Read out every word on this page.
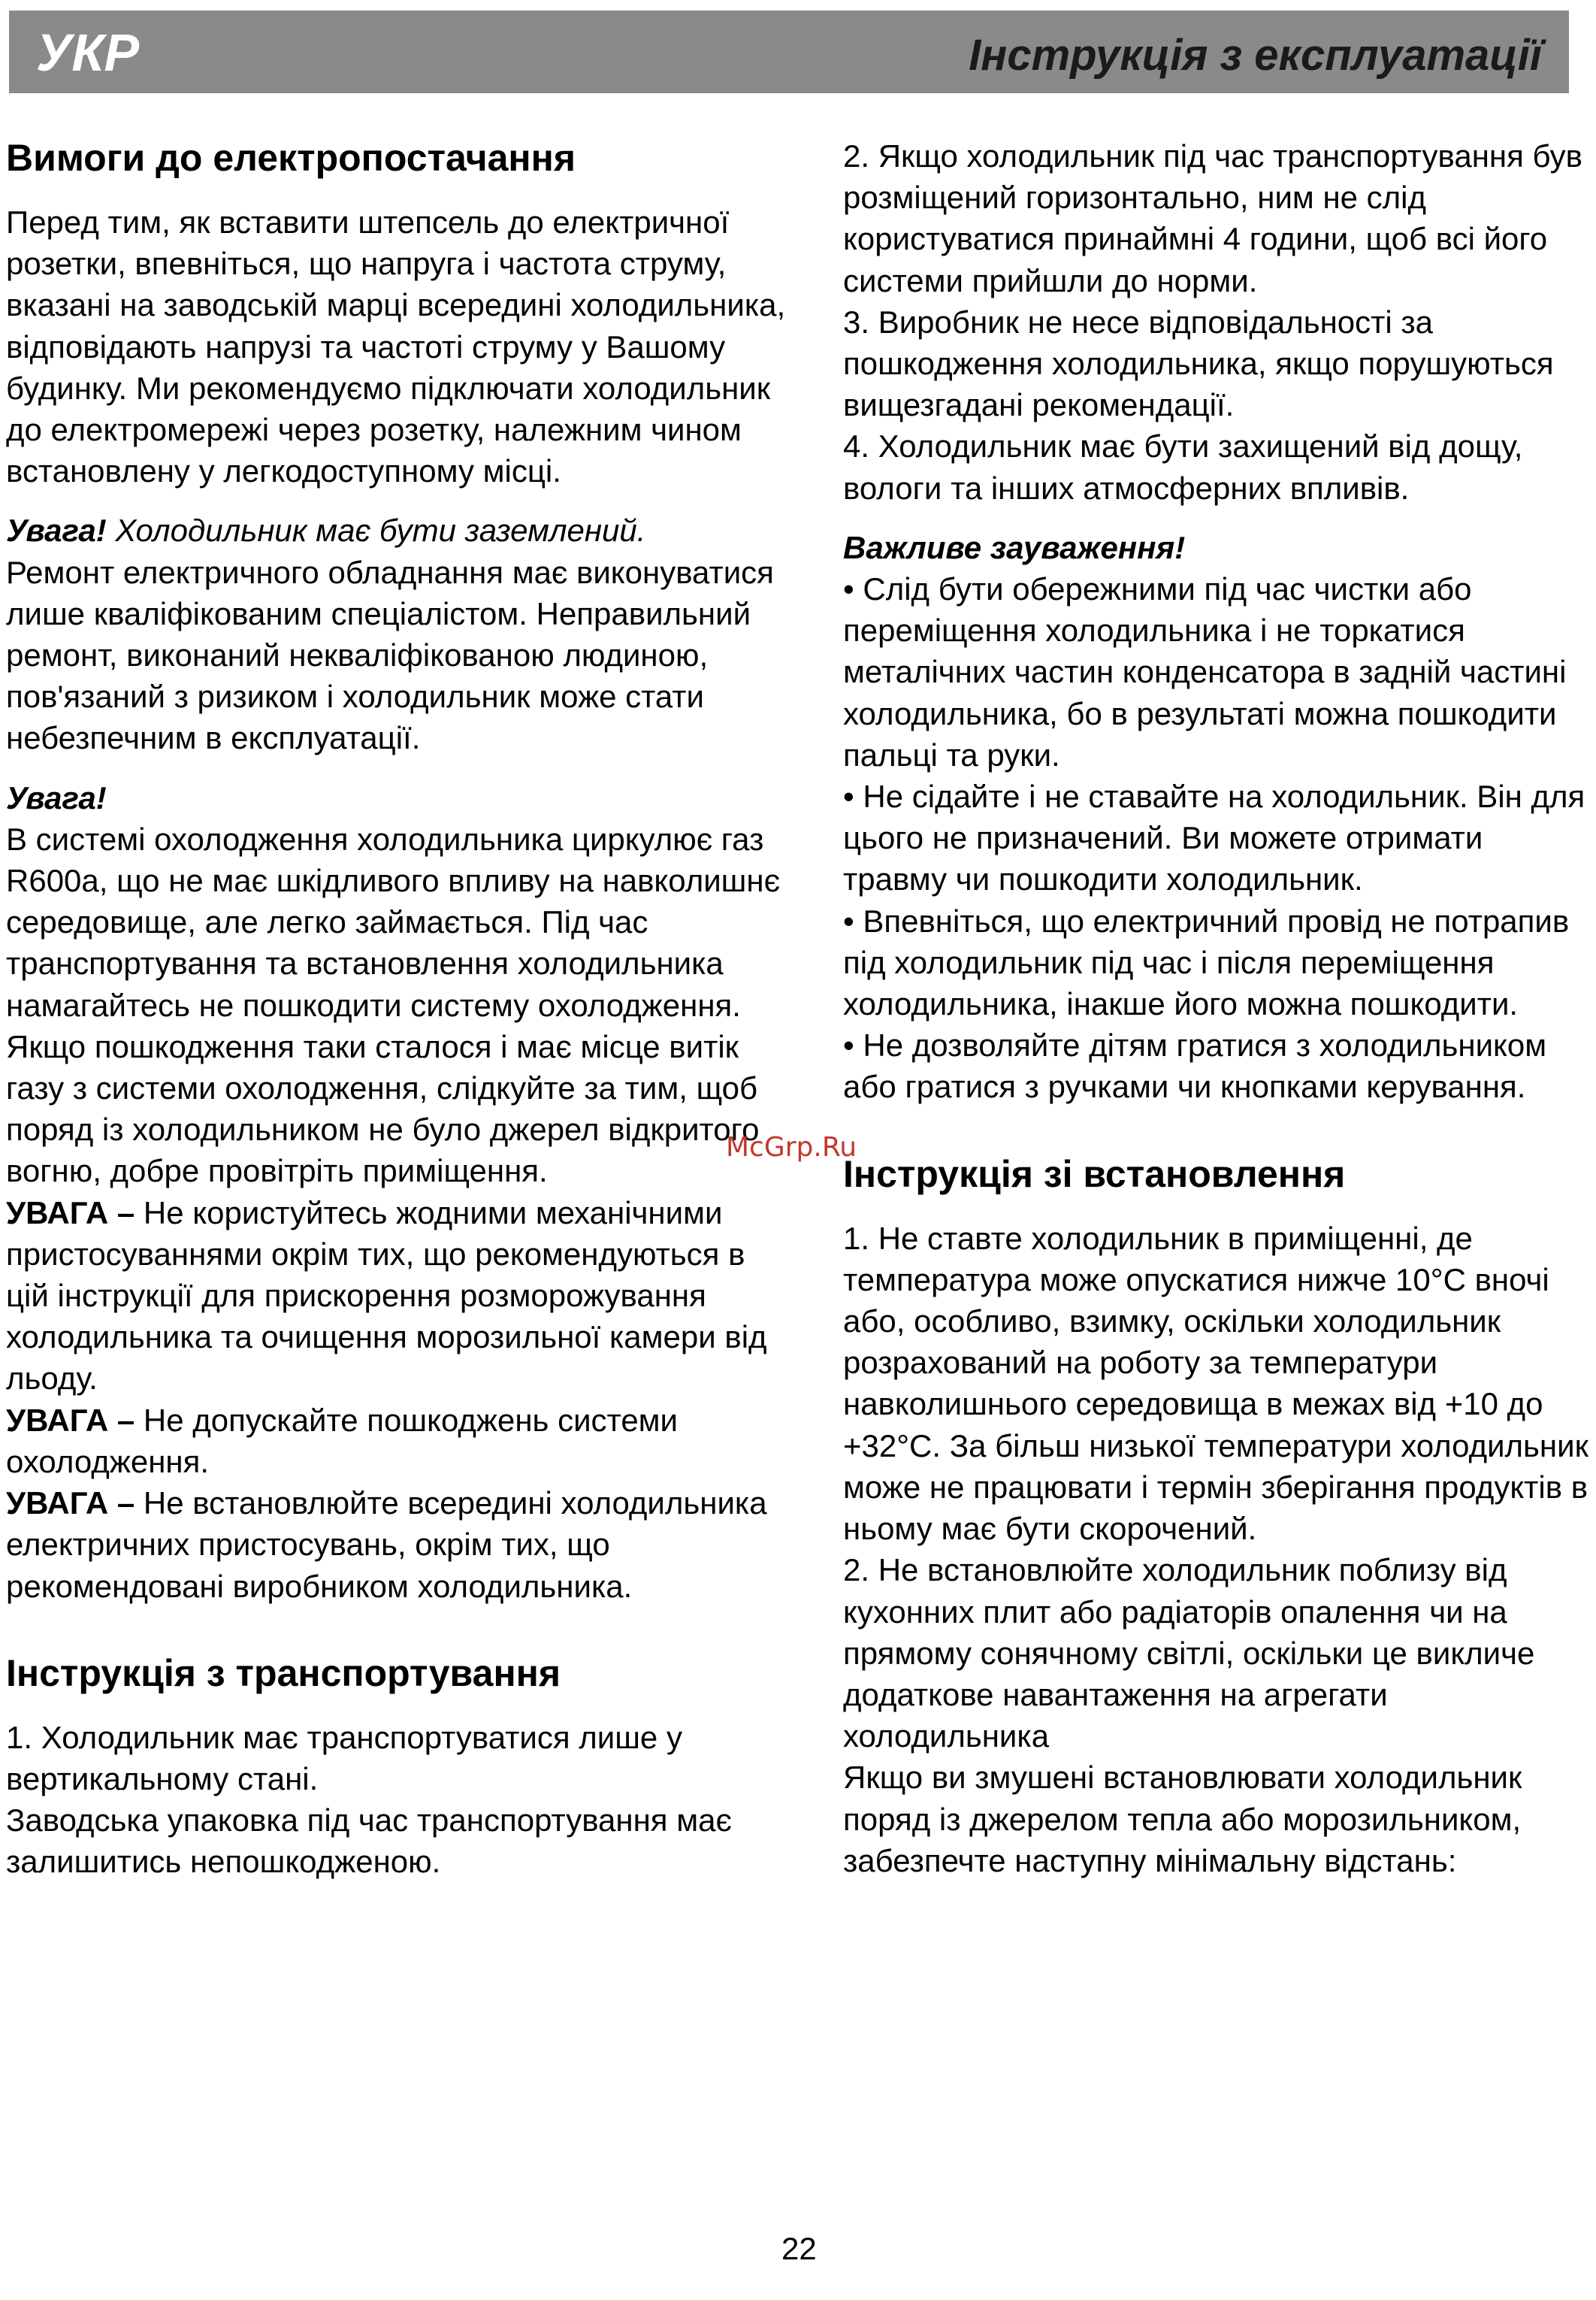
УКР	Інструкція з експлуатації
Вимоги до електропостачання

Перед тим, як вставити штепсель до електричної розетки, впевніться, що напруга і частота струму, вказані на заводській марці всередині холодильника, відповідають напрузі та частоті струму у Вашому будинку. Ми рекомендуємо підключати холодильник до електромережі через розетку, належним чином встановлену у легкодоступному місці.

Увага! Холодильник має бути заземлений.

Ремонт електричного обладнання має виконуватися лише кваліфікованим спеціалістом. Неправильний ремонт, виконаний некваліфікованою людиною, пов'язаний з ризиком і холодильник може стати небезпечним в експлуатації.

Увага!

В системі охолодження холодильника циркулює газ R600a, що не має шкідливого впливу на навколишнє середовище, але легко займається. Під час транспортування та встановлення холодильника намагайтесь не пошкодити систему охолодження. Якщо пошкодження таки сталося і має місце витік газу з системи охолодження, слідкуйте за тим, щоб поряд із холодильником не було джерел відкритого вогню, добре провітріть приміщення.

УВАГА – Не користуйтесь жодними механічними пристосуваннями окрім тих, що рекомендуються в цій інструкції для прискорення розморожування холодильника та очищення морозильної камери від льоду.

УВАГА – Не допускайте пошкоджень системи охолодження.

УВАГА – Не встановлюйте всередині холодильника електричних пристосувань, окрім тих, що рекомендовані виробником холодильника.

Інструкція з транспортування

1. Холодильник має транспортуватися лише у вертикальному стані.

Заводська упаковка під час транспортування має залишитись непошкодженою.

2. Якщо холодильник під час транспортування був розміщений горизонтально, ним не слід користуватися принаймні 4 години, щоб всі його системи прийшли до норми.

3. Виробник не несе відповідальності за пошкодження холодильника, якщо порушуються вищезгадані рекомендації.

4. Холодильник має бути захищений від дощу, вологи та інших атмосферних впливів.

Важливе зауваження!

• Слід бути обережними під час чистки або переміщення холодильника і не торкатися металічних частин конденсатора в задній частині холодильника, бо в результаті можна пошкодити пальці та руки.

• Не сідайте і не ставайте на холодильник. Він для цього не призначений. Ви можете отримати травму чи пошкодити холодильник.

• Впевніться, що електричний провід не потрапив під холодильник під час і після переміщення холодильника, інакше його можна пошкодити.

• Не дозволяйте дітям гратися з холодильником або гратися з ручками чи кнопками керування.

Інструкція зі встановлення

1. Не ставте холодильник в приміщенні, де температура може опускатися нижче 10°C вночі або, особливо, взимку, оскільки холодильник розрахований на роботу за температури навколишнього середовища в межах від +10 до +32°C. За більш низької температури холодильник може не працювати і термін зберігання продуктів в ньому має бути скорочений.

2. Не встановлюйте холодильник поблизу від кухонних плит або радіаторів опалення чи на прямому сонячному світлі, оскільки це викличе додаткове навантаження на агрегати холодильника

Якщо ви змушені встановлювати холодильник поряд із джерелом тепла або морозильником, забезпечте наступну мінімальну відстань:

McGrp.Ru
22
